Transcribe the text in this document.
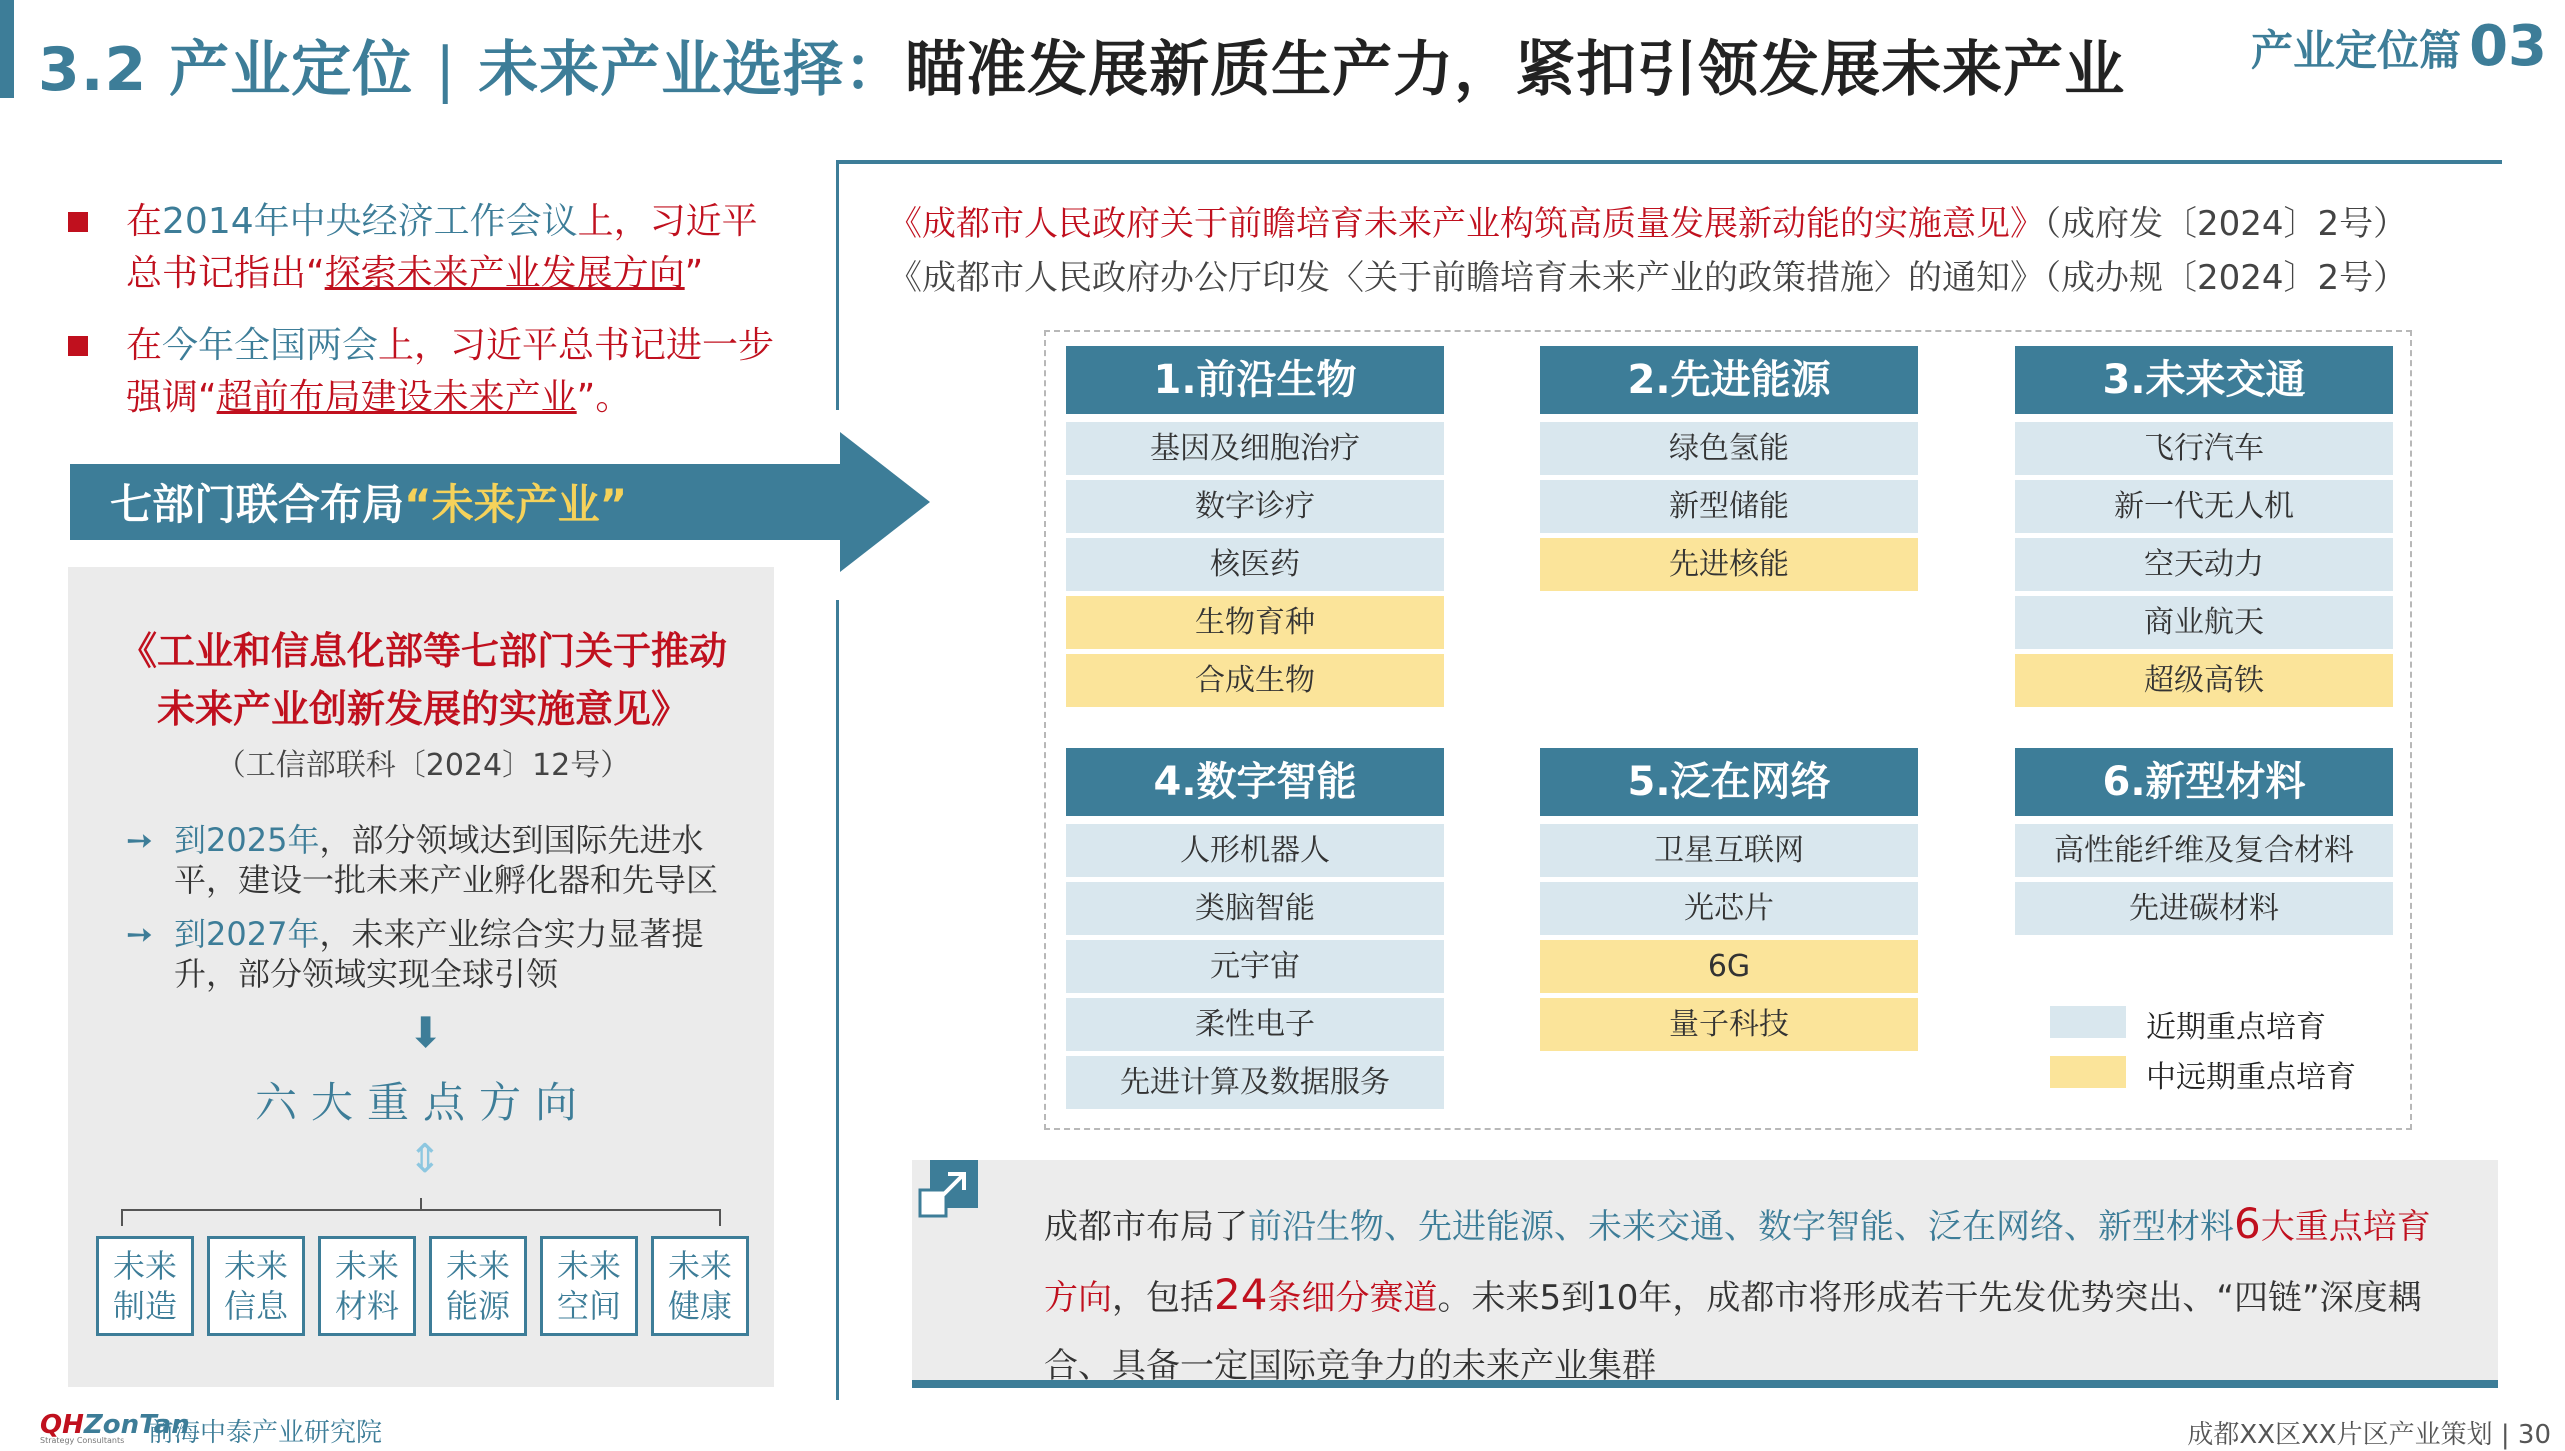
3.2 产业定位 | 未来产业选择：瞄准发展新质生产力，紧扣引领发展未来产业	产业定位篇 03
在2014年中央经济工作会议上，习近平总书记指出“探索未来产业发展方向”
在今年全国两会上，习近平总书记进一步强调“超前布局建设未来产业”。
七部门联合布局“未来产业”
《工业和信息化部等七部门关于推动未来产业创新发展的实施意见》
（工信部联科〔2024〕12号）
➙ 到2025年，部分领域达到国际先进水平，建设一批未来产业孵化器和先导区
➙ 到2027年，未来产业综合实力显著提升，部分领域实现全球引领
⬇
六大重点方向
⇕
未来制造
未来信息
未来材料
未来能源
未来空间
未来健康
《成都市人民政府关于前瞻培育未来产业构筑高质量发展新动能的实施意见》（成府发〔2024〕2号）
《成都市人民政府办公厅印发〈关于前瞻培育未来产业的政策措施〉的通知》（成办规〔2024〕2号）
1.前沿生物
基因及细胞治疗
数字诊疗
核医药
生物育种
合成生物
2.先进能源
绿色氢能
新型储能
先进核能
3.未来交通
飞行汽车
新一代无人机
空天动力
商业航天
超级高铁
4.数字智能
人形机器人
类脑智能
元宇宙
柔性电子
先进计算及数据服务
5.泛在网络
卫星互联网
光芯片
6G
量子科技
6.新型材料
高性能纤维及复合材料
先进碳材料
近期重点培育
中远期重点培育
成都市布局了前沿生物、先进能源、未来交通、数字智能、泛在网络、新型材料6大重点培育方向，包括24条细分赛道。未来5到10年，成都市将形成若干先发优势突出、“四链”深度耦合、具备一定国际竞争力的未来产业集群
QHZonTan
Strategy Consultants 前海中泰产业研究院	成都XX区XX片区产业策划 | 30
